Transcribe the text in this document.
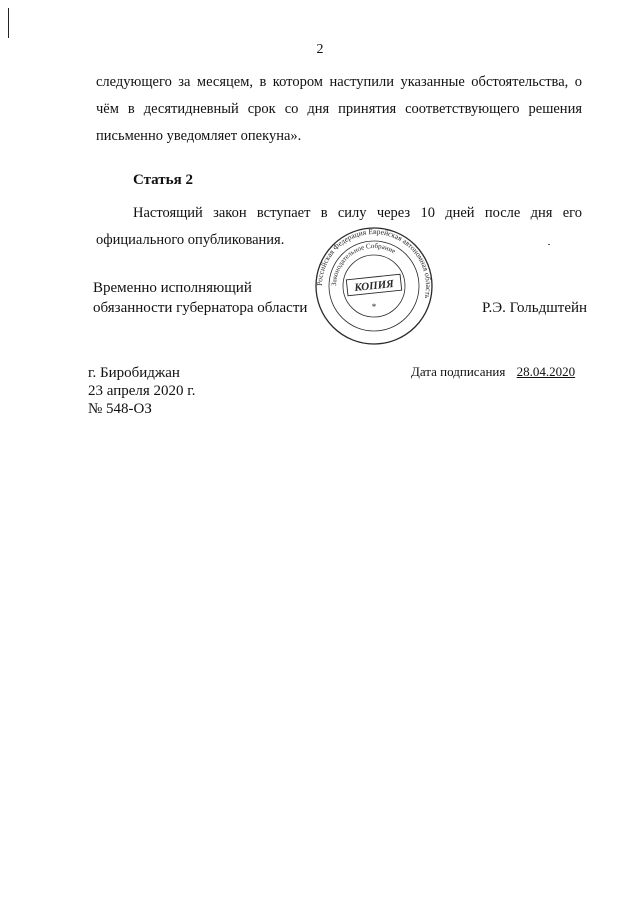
2
следующего за месяцем, в котором наступили указанные обстоятельства, о чём в десятидневный срок со дня принятия соответствующего решения письменно уведомляет опекуна».
Статья 2
Настоящий закон вступает в силу через 10 дней после дня его официального опубликования.
Временно исполняющий
обязанности губернатора области	Р.Э. Гольдштейн
Российская Федерация Еврейская автономная область
Законодательное Собрание
КОПИЯ
*
г. Биробиджан
23 апреля 2020 г.
№ 548-ОЗ
Дата подписания 28.04.2020
